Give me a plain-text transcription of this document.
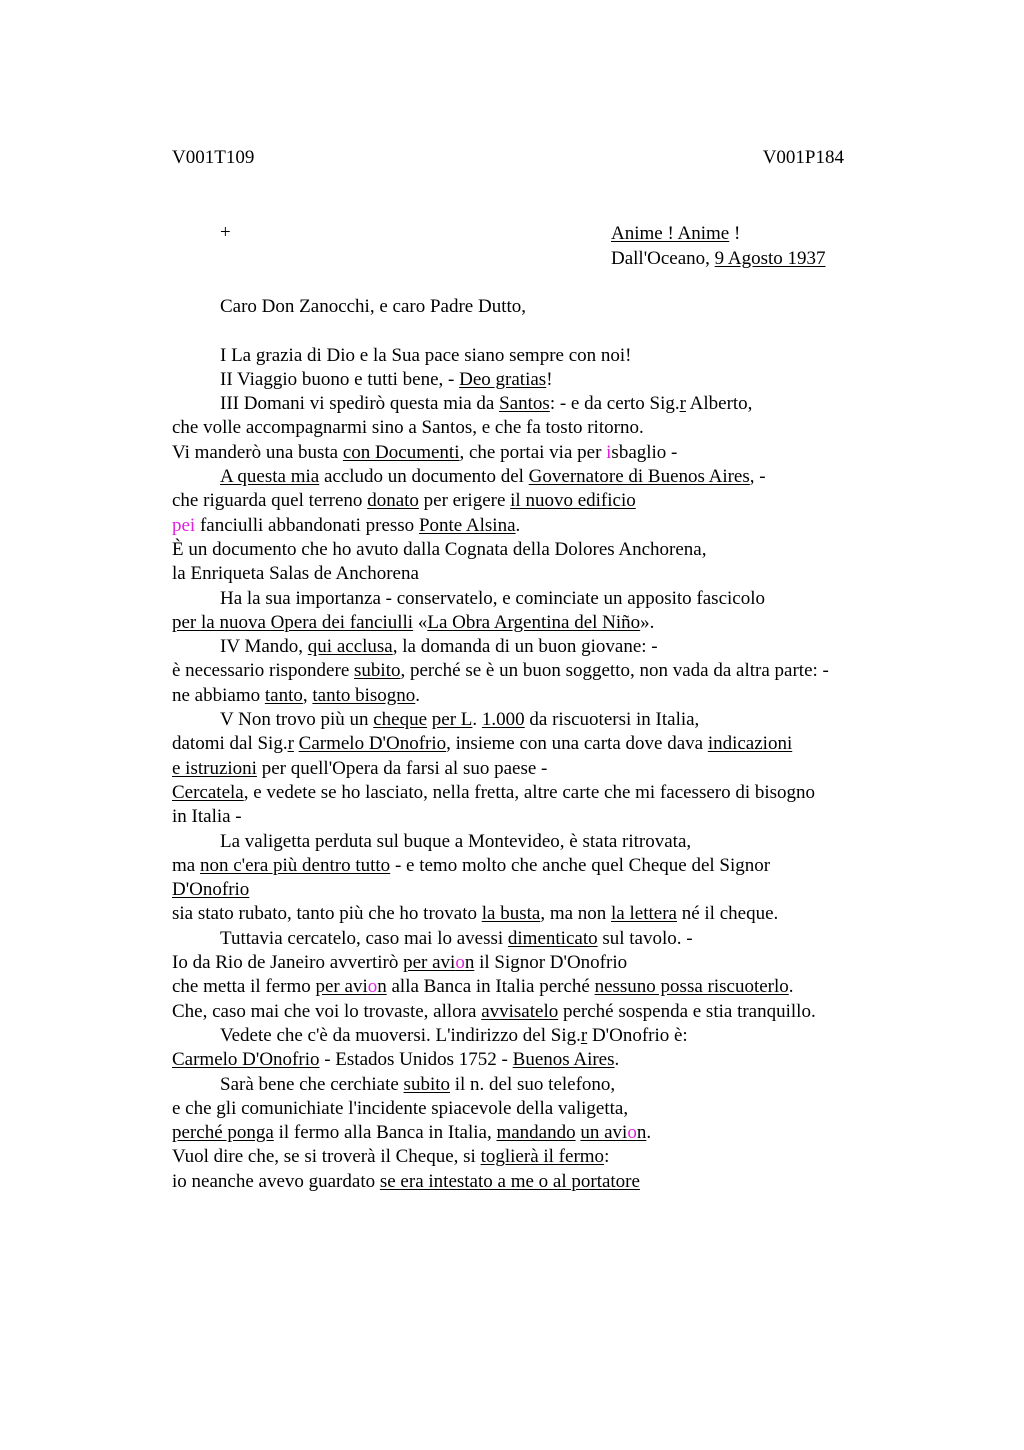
V001T109	V001P184
+	Anime ! Anime !
Dall'Oceano, 9 Agosto 1937
Caro Don Zanocchi, e caro Padre Dutto,
I La grazia di Dio e la Sua pace siano sempre con noi!
II Viaggio buono e tutti bene, - Deo gratias!
III Domani vi spedirò questa mia da Santos: - e da certo Sig.r Alberto,
che volle accompagnarmi sino a Santos, e che fa tosto ritorno.
Vi manderò una busta con Documenti, che portai via per isbaglio -
A questa mia accludo un documento del Governatore di Buenos Aires, -
che riguarda quel terreno donato per erigere il nuovo edificio
pei fanciulli abbandonati presso Ponte Alsina.
È un documento che ho avuto dalla Cognata della Dolores Anchorena,
la Enriqueta Salas de Anchorena
Ha la sua importanza - conservatelo, e cominciate un apposito fascicolo
per la nuova Opera dei fanciulli «La Obra Argentina del Niño».
IV Mando, qui acclusa, la domanda di un buon giovane: -
è necessario rispondere subito, perché se è un buon soggetto, non vada da altra parte: -
ne abbiamo tanto, tanto bisogno.
V Non trovo più un cheque per L. 1.000 da riscuotersi in Italia,
datomi dal Sig.r Carmelo D'Onofrio, insieme con una carta dove dava indicazioni
e istruzioni per quell'Opera da farsi al suo paese -
Cercatela, e vedete se ho lasciato, nella fretta, altre carte che mi facessero di bisogno
in Italia -
La valigetta perduta sul buque a Montevideo, è stata ritrovata,
ma non c'era più dentro tutto - e temo molto che anche quel Cheque del Signor
D'Onofrio
sia stato rubato, tanto più che ho trovato la busta, ma non la lettera né il cheque.
Tuttavia cercatelo, caso mai lo avessi dimenticato sul tavolo. -
Io da Rio de Janeiro avvertirò per avion il Signor D'Onofrio
che metta il fermo per avion alla Banca in Italia perché nessuno possa riscuoterlo.
Che, caso mai che voi lo trovaste, allora avvisatelo perché sospenda e stia tranquillo.
Vedete che c'è da muoversi. L'indirizzo del Sig.r D'Onofrio è:
Carmelo D'Onofrio - Estados Unidos 1752 - Buenos Aires.
Sarà bene che cerchiate subito il n. del suo telefono,
e che gli comunichiate l'incidente spiacevole della valigetta,
perché ponga il fermo alla Banca in Italia, mandando un avion.
Vuol dire che, se si troverà il Cheque, si toglierà il fermo:
io neanche avevo guardato se era intestato a me o al portatore
